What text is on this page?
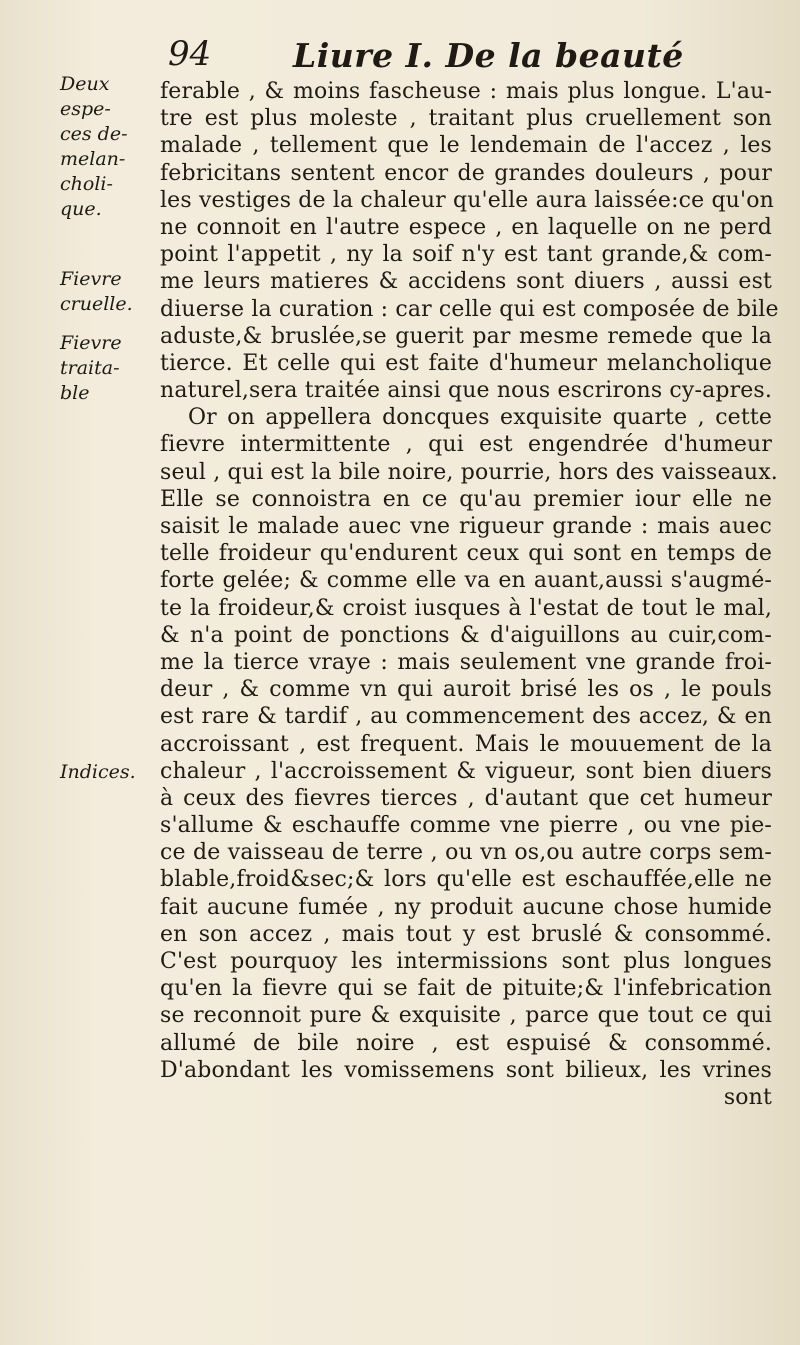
94 Liure I. De la beauté
Deux
espe-
ces de-
melan-
choli-
que.
Fievre
cruelle.
Fievre
traita-
ble
Indices.
ferable , & moins fascheuse : mais plus longue. L'au-
tre est plus moleste , traitant plus cruellement son
malade , tellement que le lendemain de l'accez , les
febricitans sentent encor de grandes douleurs , pour
les vestiges de la chaleur qu'elle aura laissée:ce qu'on
ne connoit en l'autre espece , en laquelle on ne perd
point l'appetit , ny la soif n'y est tant grande,& com-
me leurs matieres & accidens sont diuers , aussi est
diuerse la curation : car celle qui est composée de bile
aduste,& bruslée,se guerit par mesme remede que la
tierce. Et celle qui est faite d'humeur melancholique
naturel,sera traitée ainsi que nous escrirons cy-apres.
Or on appellera doncques exquisite quarte , cette
fievre intermittente , qui est engendrée d'humeur
seul , qui est la bile noire, pourrie, hors des vaisseaux.
Elle se connoistra en ce qu'au premier iour elle ne
saisit le malade auec vne rigueur grande : mais auec
telle froideur qu'endurent ceux qui sont en temps de
forte gelée; & comme elle va en auant,aussi s'augmé-
te la froideur,& croist iusques à l'estat de tout le mal,
& n'a point de ponctions & d'aiguillons au cuir,com-
me la tierce vraye : mais seulement vne grande froi-
deur , & comme vn qui auroit brisé les os , le pouls
est rare & tardif , au commencement des accez, & en
accroissant , est frequent. Mais le mouuement de la
chaleur , l'accroissement & vigueur, sont bien diuers
à ceux des fievres tierces , d'autant que cet humeur
s'allume & eschauffe comme vne pierre , ou vne pie-
ce de vaisseau de terre , ou vn os,ou autre corps sem-
blable,froid&sec;& lors qu'elle est eschauffée,elle ne
fait aucune fumée , ny produit aucune chose humide
en son accez , mais tout y est bruslé & consommé.
C'est pourquoy les intermissions sont plus longues
qu'en la fievre qui se fait de pituite;& l'infebrication
se reconnoit pure & exquisite , parce que tout ce qui
allumé de bile noire , est espuisé & consommé.
D'abondant les vomissemens sont bilieux, les vrines
sont
